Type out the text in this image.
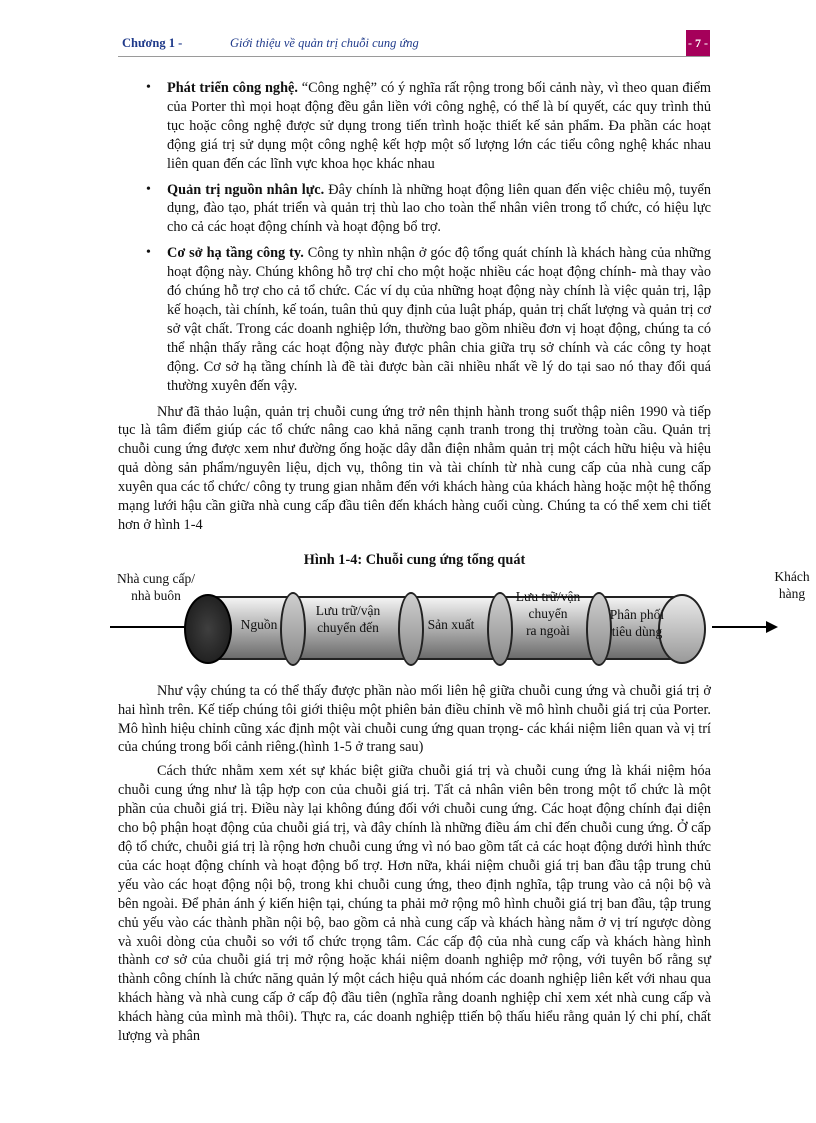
Chương 1 -	Giới thiệu về quản trị chuỗi cung ứng	- 7 -
• Phát triển công nghệ. “Công nghệ” có ý nghĩa rất rộng trong bối cảnh này, vì theo quan điểm của Porter thì mọi hoạt động đều gắn liền với công nghệ, có thể là bí quyết, các quy trình thủ tục hoặc công nghệ được sử dụng trong tiến trình hoặc thiết kế sản phẩm. Đa phần các hoạt động giá trị sử dụng một công nghệ kết hợp một số lượng lớn các tiểu công nghệ khác nhau liên quan đến các lĩnh vực khoa học khác nhau
• Quản trị nguồn nhân lực. Đây chính là những hoạt động liên quan đến việc chiêu mộ, tuyển dụng, đào tạo, phát triển và quản trị thù lao cho toàn thể nhân viên trong tổ chức, có hiệu lực cho cả các hoạt động chính và hoạt động bổ trợ.
• Cơ sở hạ tầng công ty. Công ty nhìn nhận ở góc độ tổng quát chính là khách hàng của những hoạt động này. Chúng không hỗ trợ chỉ cho một hoặc nhiều các hoạt động chính- mà thay vào đó chúng hỗ trợ cho cả tổ chức. Các ví dụ của những hoạt động này chính là việc quản trị, lập kế hoạch, tài chính, kế toán, tuân thủ quy định của luật pháp, quản trị chất lượng và quản trị cơ sở vật chất. Trong các doanh nghiệp lớn, thường bao gồm nhiều đơn vị hoạt động, chúng ta có thể nhận thấy rằng các hoạt động này được phân chia giữa trụ sở chính và các công ty hoạt động. Cơ sở hạ tầng chính là đề tài được bàn cãi nhiều nhất về lý do tại sao nó thay đổi quá thường xuyên đến vậy.

Như đã thảo luận, quản trị chuỗi cung ứng trở nên thịnh hành trong suốt thập niên 1990 và tiếp tục là tâm điểm giúp các tổ chức nâng cao khả năng cạnh tranh trong thị trường toàn cầu. Quản trị chuỗi cung ứng được xem như đường ống hoặc dây dẫn điện nhằm quản trị một cách hữu hiệu và hiệu quả dòng sản phẩm/nguyên liệu, dịch vụ, thông tin và tài chính từ nhà cung cấp của nhà cung cấp xuyên qua các tổ chức/ công ty trung gian nhằm đến với khách hàng của khách hàng hoặc một hệ thống mạng lưới hậu cần giữa nhà cung cấp đầu tiên đến khách hàng cuối cùng. Chúng ta có thể xem chi tiết hơn ở hình 1-4

Hình 1-4: Chuỗi cung ứng tổng quát

Nhà cung cấp/
nhà buôn
Nguồn
Lưu trữ/vận
chuyển đến	Sản xuất
Lưu trữ/vận
chuyển
ra ngoài
Phân phối
tiêu dùng
Khách
hàng

Như vậy chúng ta có thể thấy được phần nào mối liên hệ giữa chuỗi cung ứng và chuỗi giá trị ở hai hình trên. Kế tiếp chúng tôi giới thiệu một phiên bản điều chỉnh về mô hình chuỗi giá trị của Porter. Mô hình hiệu chỉnh cũng xác định một vài chuỗi cung ứng quan trọng- các khái niệm liên quan và vị trí của chúng trong bối cảnh riêng.(hình 1-5 ở trang sau)

Cách thức nhằm xem xét sự khác biệt giữa chuỗi giá trị và chuỗi cung ứng là khái niệm hóa chuỗi cung ứng như là tập hợp con của chuỗi giá trị. Tất cả nhân viên bên trong một tổ chức là một phần của chuỗi giá trị. Điều này lại không đúng đối với chuỗi cung ứng. Các hoạt động chính đại diện cho bộ phận hoạt động của chuỗi giá trị, và đây chính là những điều ám chỉ đến chuỗi cung ứng. Ở cấp độ tổ chức, chuỗi giá trị là rộng hơn chuỗi cung ứng vì nó bao gồm tất cả các hoạt động dưới hình thức của các hoạt động chính và hoạt động bổ trợ. Hơn nữa, khái niệm chuỗi giá trị ban đầu tập trung chủ yếu vào các hoạt động nội bộ, trong khi chuỗi cung ứng, theo định nghĩa, tập trung vào cả nội bộ và bên ngoài. Để phản ánh ý kiến hiện tại, chúng ta phải mở rộng mô hình chuỗi giá trị ban đầu, tập trung chủ yếu vào các thành phần nội bộ, bao gồm cả nhà cung cấp và khách hàng nằm ở vị trí ngược dòng và xuôi dòng của chuỗi so với tổ chức trọng tâm. Các cấp độ của nhà cung cấp và khách hàng hình thành cơ sở của chuỗi giá trị mở rộng hoặc khái niệm doanh nghiệp mở rộng, với tuyên bố rằng sự thành công chính là chức năng quản lý một cách hiệu quả nhóm các doanh nghiệp liên kết với nhau qua khách hàng và nhà cung cấp ở cấp độ đầu tiên (nghĩa rằng doanh nghiệp chỉ xem xét nhà cung cấp và khách hàng của mình mà thôi). Thực ra, các doanh nghiệp ttiến bộ thấu hiểu rằng quản lý chi phí, chất lượng và phân
